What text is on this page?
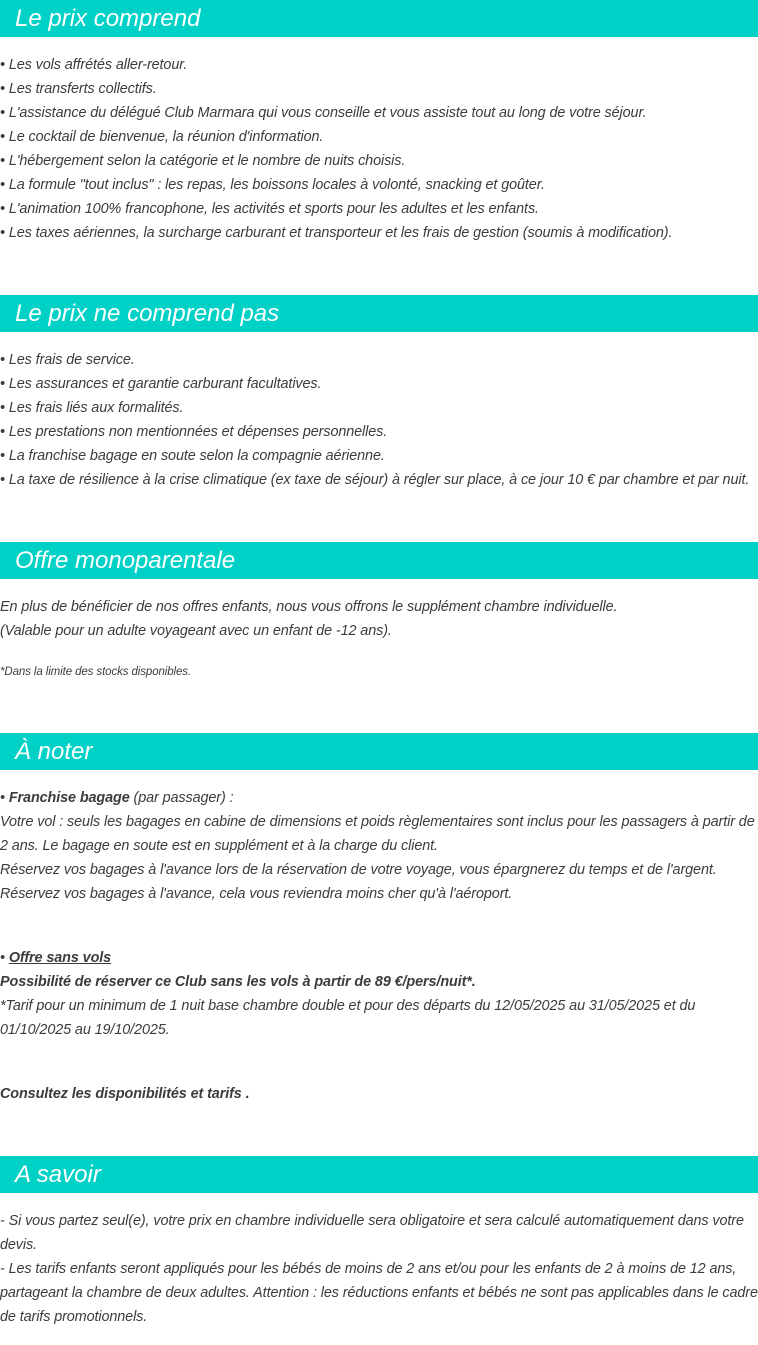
Le prix comprend
• Les vols affrétés aller-retour.
• Les transferts collectifs.
• L'assistance du délégué Club Marmara qui vous conseille et vous assiste tout au long de votre séjour.
• Le cocktail de bienvenue, la réunion d'information.
• L'hébergement selon la catégorie et le nombre de nuits choisis.
• La formule "tout inclus" : les repas, les boissons locales à volonté, snacking et goûter.
• L'animation 100% francophone, les activités et sports pour les adultes et les enfants.
• Les taxes aériennes, la surcharge carburant et transporteur et les frais de gestion (soumis à modification).
Le prix ne comprend pas
• Les frais de service.
• Les assurances et garantie carburant facultatives.
• Les frais liés aux formalités.
• Les prestations non mentionnées et dépenses personnelles.
• La franchise bagage en soute selon la compagnie aérienne.
• La taxe de résilience à la crise climatique (ex taxe de séjour) à régler sur place, à ce jour 10 € par chambre et par nuit.
Offre monoparentale
En plus de bénéficier de nos offres enfants, nous vous offrons le supplément chambre individuelle.
(Valable pour un adulte voyageant avec un enfant de -12 ans).
*Dans la limite des stocks disponibles.
À noter
• Franchise bagage (par passager) :
Votre vol : seuls les bagages en cabine de dimensions et poids règlementaires sont inclus pour les passagers à partir de 2 ans. Le bagage en soute est en supplément et à la charge du client.
Réservez vos bagages à l'avance lors de la réservation de votre voyage, vous épargnerez du temps et de l'argent.
Réservez vos bagages à l'avance, cela vous reviendra moins cher qu'à l'aéroport.
• Offre sans vols
Possibilité de réserver ce Club sans les vols à partir de 89 €/pers/nuit*.
*Tarif pour un minimum de 1 nuit base chambre double et pour des départs du 12/05/2025 au 31/05/2025 et du 01/10/2025 au 19/10/2025.
Consultez les disponibilités et tarifs .
A savoir
- Si vous partez seul(e), votre prix en chambre individuelle sera obligatoire et sera calculé automatiquement dans votre devis.
- Les tarifs enfants seront appliqués pour les bébés de moins de 2 ans et/ou pour les enfants de 2 à moins de 12 ans, partageant la chambre de deux adultes. Attention : les réductions enfants et bébés ne sont pas applicables dans le cadre de tarifs promotionnels.
